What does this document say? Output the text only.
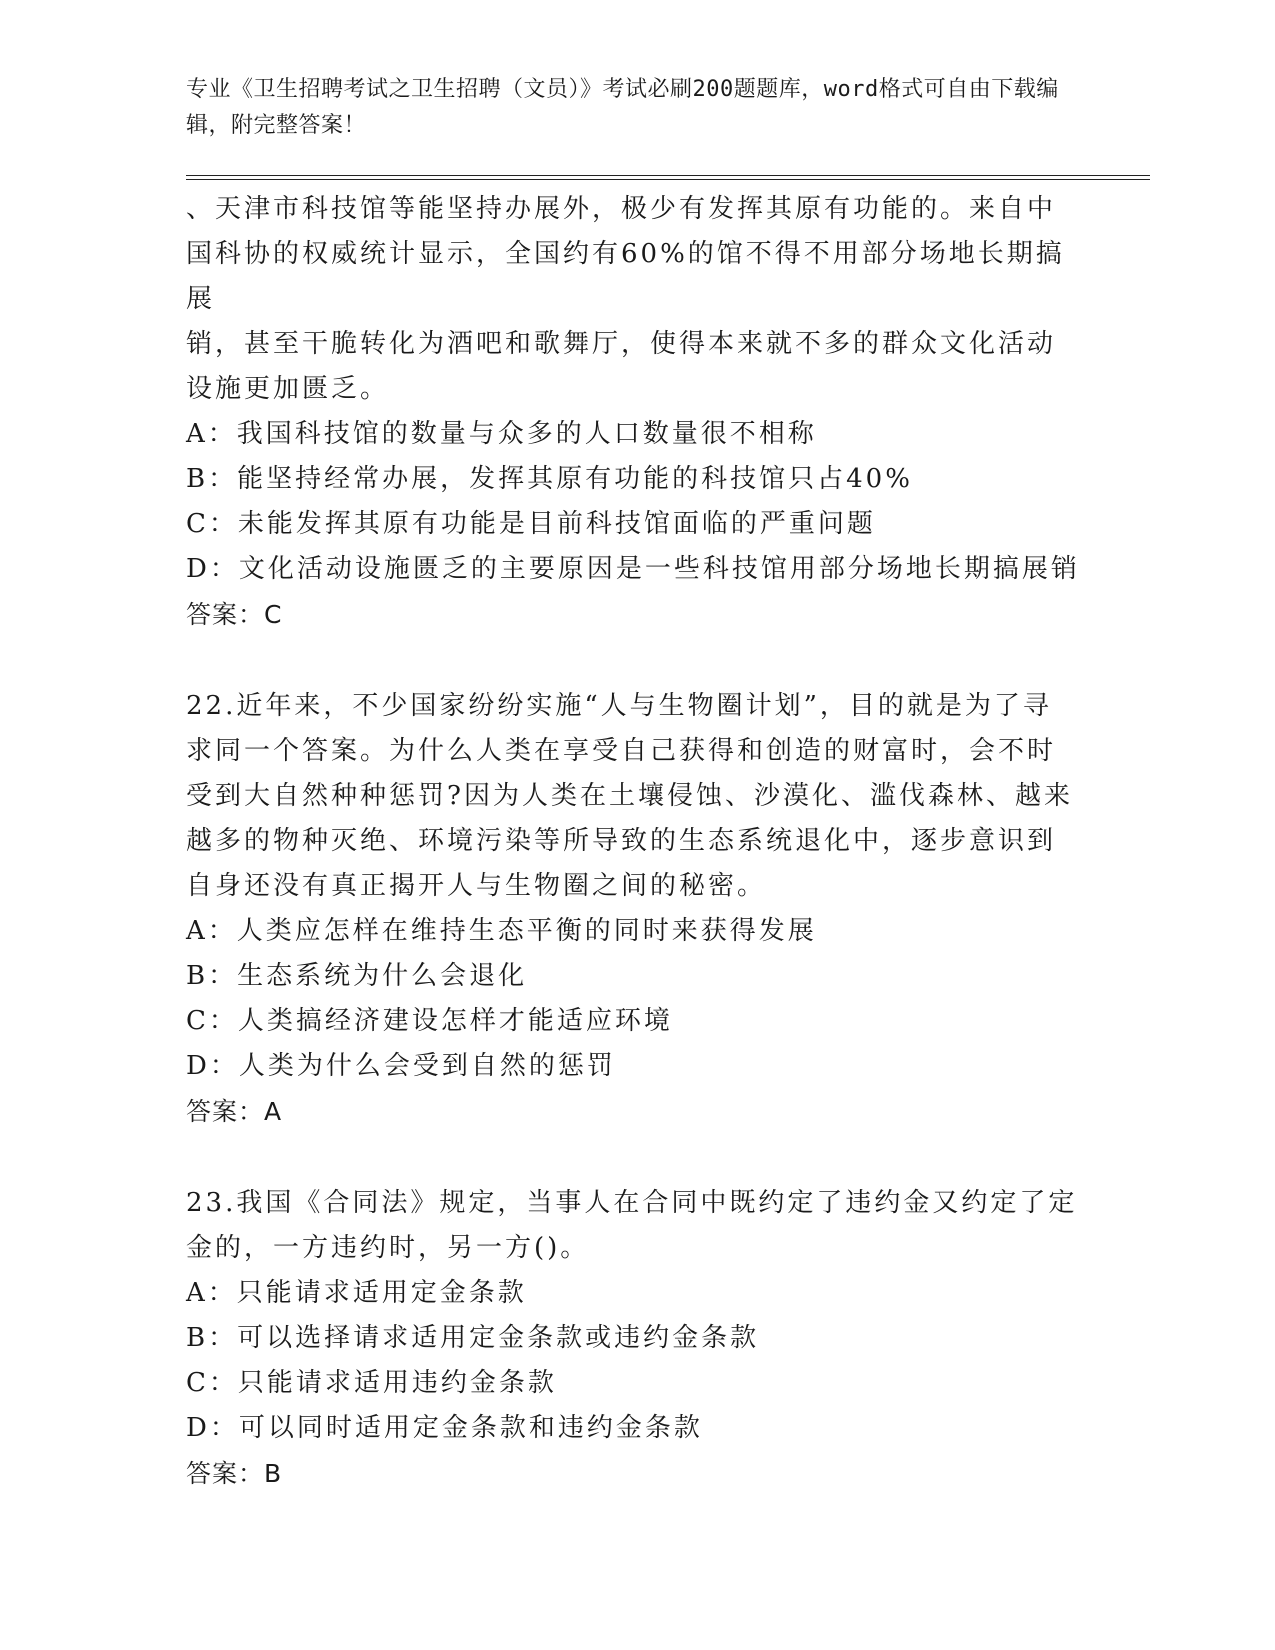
专业《卫生招聘考试之卫生招聘（文员）》考试必刷200题题库，word格式可自由下载编辑，附完整答案！

、天津市科技馆等能坚持办展外，极少有发挥其原有功能的。来自中

国科协的权威统计显示，全国约有60%的馆不得不用部分场地长期搞展

销，甚至干脆转化为酒吧和歌舞厅，使得本来就不多的群众文化活动

设施更加匮乏。

A：我国科技馆的数量与众多的人口数量很不相称

B：能坚持经常办展，发挥其原有功能的科技馆只占40%

C：未能发挥其原有功能是目前科技馆面临的严重问题

D：文化活动设施匮乏的主要原因是一些科技馆用部分场地长期搞展销

答案：C

22.近年来，不少国家纷纷实施“人与生物圈计划”，目的就是为了寻

求同一个答案。为什么人类在享受自己获得和创造的财富时，会不时

受到大自然种种惩罚?因为人类在土壤侵蚀、沙漠化、滥伐森林、越来

越多的物种灭绝、环境污染等所导致的生态系统退化中，逐步意识到

自身还没有真正揭开人与生物圈之间的秘密。

A：人类应怎样在维持生态平衡的同时来获得发展

B：生态系统为什么会退化

C：人类搞经济建设怎样才能适应环境

D：人类为什么会受到自然的惩罚

答案：A

23.我国《合同法》规定，当事人在合同中既约定了违约金又约定了定

金的，一方违约时，另一方()。

A：只能请求适用定金条款

B：可以选择请求适用定金条款或违约金条款

C：只能请求适用违约金条款

D：可以同时适用定金条款和违约金条款

答案：B
